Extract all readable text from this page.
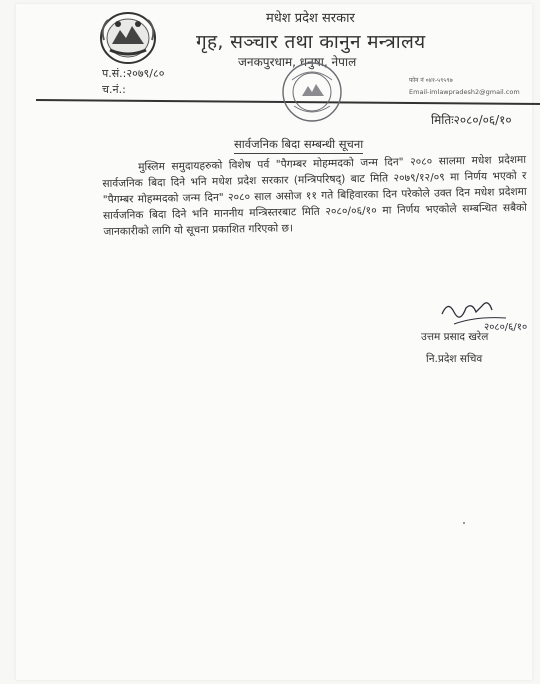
मधेश प्रदेश सरकार
गृह, सञ्चार तथा कानुन मन्त्रालय
जनकपुरधाम, धनुषा, नेपाल
प.सं.:२०७९/८०
च.नं.:
फोन नं ०४१-५९५९७
Email-imlawpradesh2@gmail.com
मितिः२०८०/०६/१०
सार्वजनिक बिदा सम्बन्धी सूचना
मुस्लिम समुदायहरुको विशेष पर्व "पैगम्बर मोहम्मदको जन्म दिन" २०८० सालमा मधेश प्रदेशमा सार्वजनिक बिदा दिने भनि मधेश प्रदेश सरकार (मन्त्रिपरिषद्) बाट मिति २०७९/१२/०९ मा निर्णय भएको र "पैगम्बर मोहम्मदको जन्म दिन" २०८० साल असोज ११ गते बिहिवारका दिन परेकोले उक्त दिन मधेश प्रदेशमा सार्वजनिक बिदा दिने भनि माननीय मन्त्रिस्तरबाट मिति २०८०/०६/१० मा निर्णय भएकोले सम्बन्धित सबैको जानकारीको लागि यो सूचना प्रकाशित गरिएको छ।
२०८०/६/१०
उत्तम प्रसाद खरेल
नि.प्रदेश सचिव
